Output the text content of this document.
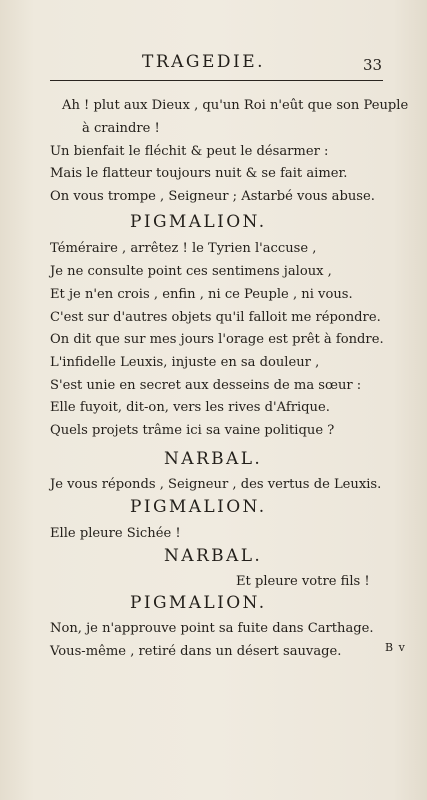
TRAGEDIE.	33
Ah ! plut aux Dieux , qu'un Roi n'eût que son Peuple
à craindre !
Un bienfait le fléchit & peut le désarmer :
Mais le flatteur toujours nuit & se fait aimer.
On vous trompe , Seigneur ; Astarbé vous abuse.
PIGMALION.
Téméraire , arrêtez ! le Tyrien l'accuse ,
Je ne consulte point ces sentimens jaloux ,
Et je n'en crois , enfin , ni ce Peuple , ni vous.
C'est sur d'autres objets qu'il falloit me répondre.
On dit que sur mes jours l'orage est prêt à fondre.
L'infidelle Leuxis, injuste en sa douleur ,
S'est unie en secret aux desseins de ma sœur :
Elle fuyoit, dit-on, vers les rives d'Afrique.
Quels projets trâme ici sa vaine politique ?
NARBAL.
Je vous réponds , Seigneur , des vertus de Leuxis.
PIGMALION.
Elle pleure Sichée !
NARBAL.
Et pleure votre fils !
PIGMALION.
Non, je n'approuve point sa fuite dans Carthage.
Vous-même , retiré dans un désert sauvage.	B v
